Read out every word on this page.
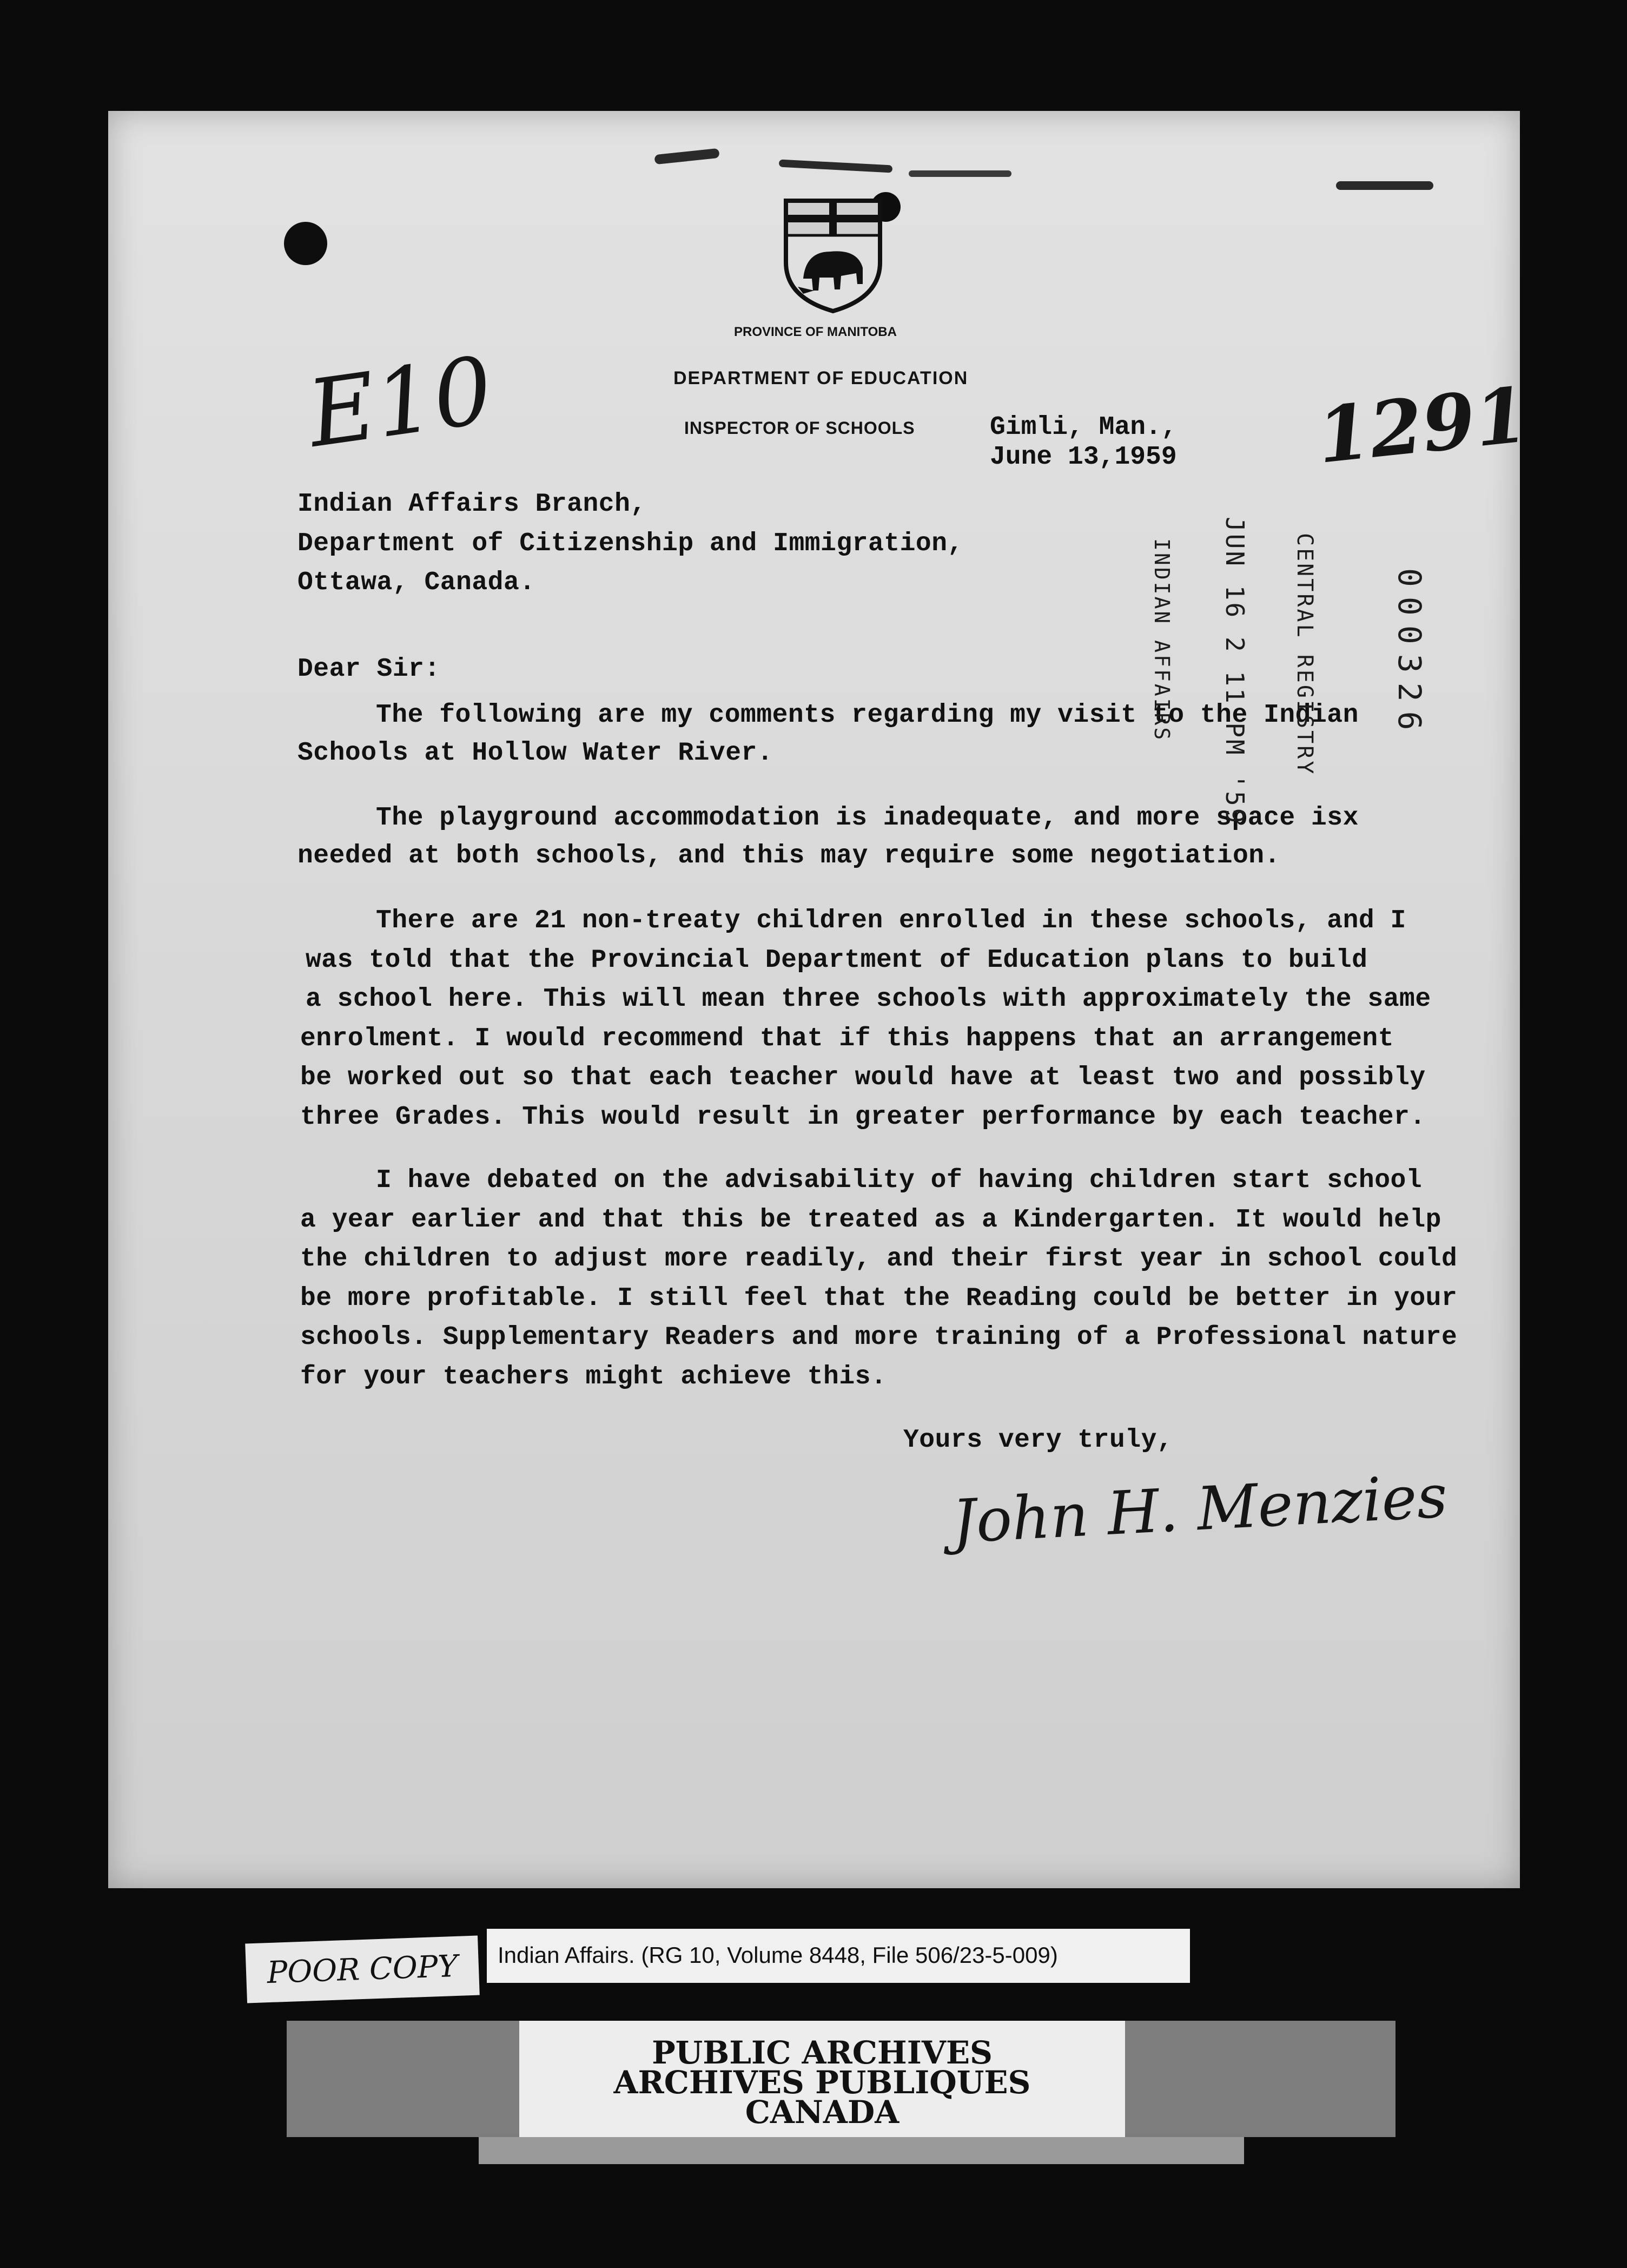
PROVINCE OF MANITOBA
DEPARTMENT OF EDUCATION
INSPECTOR OF SCHOOLS	Gimli, Man.,
June 13,1959
E10	1291
Indian Affairs Branch,
Department of Citizenship and Immigration,
Ottawa, Canada.
Dear Sir:
The following are my comments regarding my visit to the Indian
Schools at Hollow Water River.
The playground accommodation is inadequate, and more space isx
needed at both schools, and this may require some negotiation.
There are 21 non-treaty children enrolled in these schools, and I
was told that the Provincial Department of Education plans to build
a school here. This will mean three schools with approximately the same
enrolment. I would recommend that if this happens that an arrangement
be worked out so that each teacher would have at least two and possibly
three Grades. This would result in greater performance by each teacher.
I have debated on the advisability of having children start school
a year earlier and that this be treated as a Kindergarten. It would help
the children to adjust more readily, and their first year in school could
be more profitable. I still feel that the Reading could be better in your
schools. Supplementary Readers and more training of a Professional nature
for your teachers might achieve this.
Yours very truly,
John H. Menzies
JUN 16 2 11 PM '59
INDIAN AFFAIRS	CENTRAL REGISTRY 000326
Indian Affairs. (RG 10, Volume 8448, File 506/23-5-009)
POOR COPY
PUBLIC ARCHIVES
ARCHIVES PUBLIQUES
CANADA
